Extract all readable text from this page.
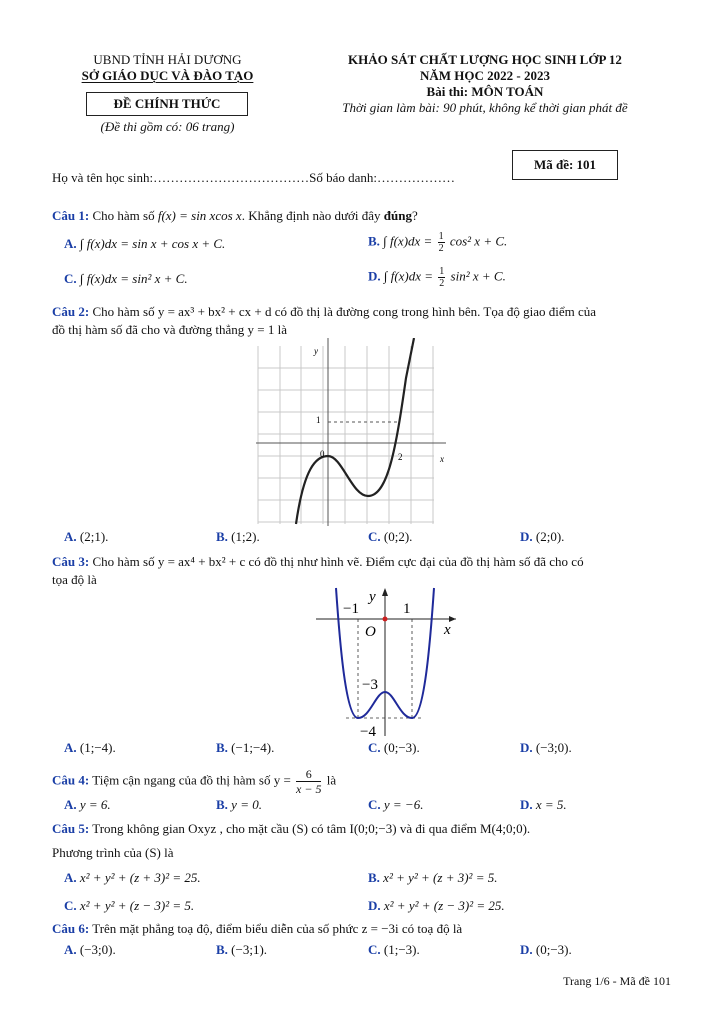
UBND TỈNH HẢI DƯƠNG
SỞ GIÁO DỤC VÀ ĐÀO TẠO
ĐỀ CHÍNH THỨC
(Đề thi gồm có: 06 trang)
KHẢO SÁT CHẤT LƯỢNG HỌC SINH LỚP 12
NĂM HỌC 2022 - 2023
Bài thi: MÔN TOÁN
Thời gian làm bài: 90 phút, không kể thời gian phát đề
Mã đề: 101
Họ và tên học sinh:………………………………Số báo danh:………………
Câu 1: Cho hàm số f(x) = sin xcos x. Khẳng định nào dưới đây đúng?
A. ∫ f(x)dx = sin x + cos x + C.	B. ∫ $f(x)dx = \frac{1}{2} \cos^2$ x + C.
C. ∫ f(x)dx = sin² x + C.	D. ∫ $f(x)dx = \frac{1}{2} \sin^2$ x + C.
Câu 2: Cho hàm số y = ax³ + bx² + cx + d có đồ thị là đường cong trong hình bên. Tọa độ giao điểm của
đồ thị hàm số đã cho và đường thẳng y = 1 là
y
x
1
0	2
A. (2;1).	B. (1;2).	C. (0;2).	D. (2;0).
Câu 3: Cho hàm số y = ax⁴ + bx² + c có đồ thị như hình vẽ. Điểm cực đại của đồ thị hàm số đã cho có
tọa độ là
−1
y
1
O	x
−3
−4
A. (1;−4).	B. (−1;−4).	C. (0;−3).	D. (−3;0).
Câu 4: Tiệm cận ngang của đồ thị hàm số $y = \frac{6}{x - 5}$ là
A. y = 6.	B. y = 0.	C. y = −6.	D. x = 5.
Câu 5: Trong không gian Oxyz , cho mặt cầu (S) có tâm I(0;0;−3) và đi qua điểm M(4;0;0).
Phương trình của (S) là
A. x² + y² + (z + 3)² = 25.	B. x² + y² + (z + 3)² = 5.
C. x² + y² + (z − 3)² = 5.	D. x² + y² + (z − 3)² = 25.
Câu 6: Trên mặt phẳng toạ độ, điểm biểu diễn của số phức z = −3i có toạ độ là
A. (−3;0).	B. (−3;1).	C. (1;−3).	D. (0;−3).
Trang 1/6 - Mã đề 101
